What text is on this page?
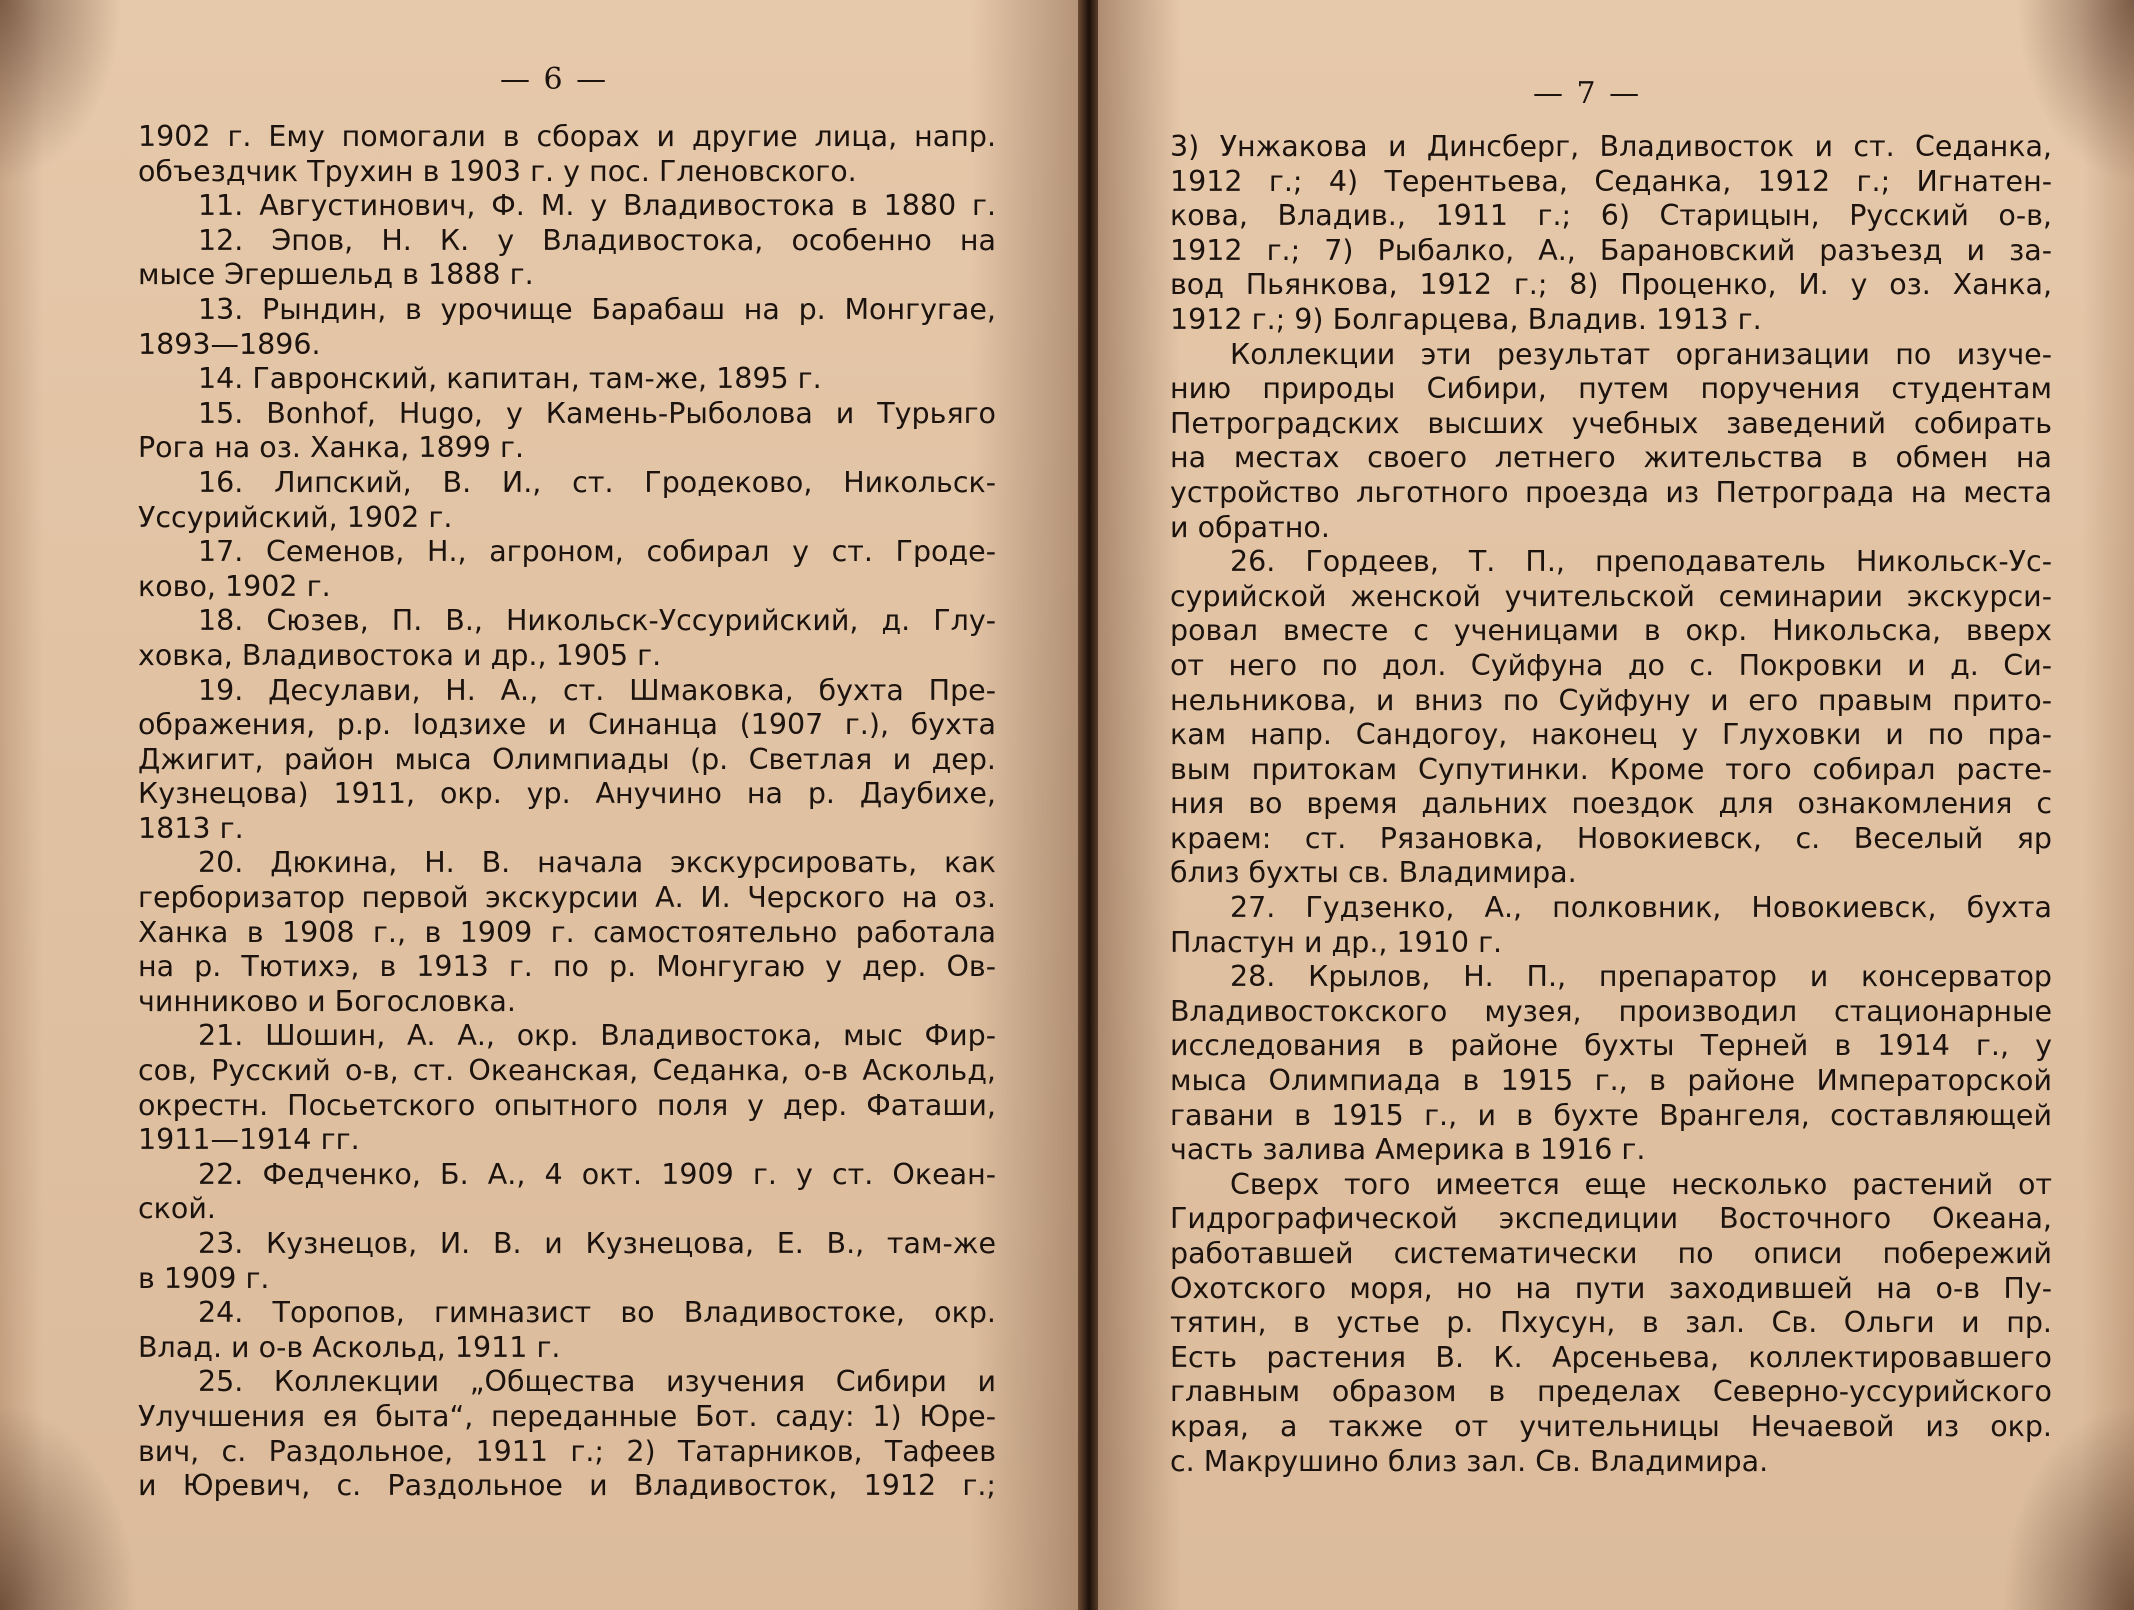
— 6 —
1902 г. Ему помогали в сборах и другие лица, напр.
объездчик Трухин в 1903 г. у пос. Гленовского.
11. Августинович, Ф. М. у Владивостока в 1880 г.
12. Эпов, Н. К. у Владивостока, особенно на
мысе Эгершельд в 1888 г.
13. Рындин, в урочище Барабаш на р. Монгугае,
1893—1896.
14. Гавронский, капитан, там-же, 1895 г.
15. Bonhof, Hugo, у Камень-Рыболова и Турьяго
Рога на оз. Ханка, 1899 г.
16. Липский, В. И., ст. Гродеково, Никольск-
Уссурийский, 1902 г.
17. Семенов, Н., агроном, собирал у ст. Гроде-
ково, 1902 г.
18. Сюзев, П. В., Никольск-Уссурийский, д. Глу-
ховка, Владивостока и др., 1905 г.
19. Десулави, Н. А., ст. Шмаковка, бухта Пре-
ображения, р.р. Іодзихе и Синанца (1907 г.), бухта
Джигит, район мыса Олимпиады (р. Светлая и дер.
Кузнецова) 1911, окр. ур. Анучино на р. Даубихе,
1813 г.
20. Дюкина, Н. В. начала экскурсировать, как
герборизатор первой экскурсии А. И. Черского на оз.
Ханка в 1908 г., в 1909 г. самостоятельно работала
на р. Тютихэ, в 1913 г. по р. Монгугаю у дер. Ов-
чинниково и Богословка.
21. Шошин, А. А., окр. Владивостока, мыс Фир-
сов, Русский о-в, ст. Океанская, Седанка, о-в Аскольд,
окрестн. Посьетского опытного поля у дер. Фаташи,
1911—1914 гг.
22. Федченко, Б. А., 4 окт. 1909 г. у ст. Океан-
ской.
23. Кузнецов, И. В. и Кузнецова, Е. В., там-же
в 1909 г.
24. Торопов, гимназист во Владивостоке, окр.
Влад. и о-в Аскольд, 1911 г.
25. Коллекции „Общества изучения Сибири и
Улучшения ея быта“, переданные Бот. саду: 1) Юре-
вич, с. Раздольное, 1911 г.; 2) Татарников, Тафеев
и Юревич, с. Раздольное и Владивосток, 1912 г.;
— 7 —
3) Унжакова и Динсберг, Владивосток и ст. Седанка,
1912 г.; 4) Терентьева, Седанка, 1912 г.; Игнатен-
кова, Владив., 1911 г.; 6) Старицын, Русский о-в,
1912 г.; 7) Рыбалко, А., Барановский разъезд и за-
вод Пьянкова, 1912 г.; 8) Проценко, И. у оз. Ханка,
1912 г.; 9) Болгарцева, Владив. 1913 г.
Коллекции эти результат организации по изуче-
нию природы Сибири, путем поручения студентам
Петроградских высших учебных заведений собирать
на местах своего летнего жительства в обмен на
устройство льготного проезда из Петрограда на места
и обратно.
26. Гордеев, Т. П., преподаватель Никольск-Ус-
сурийской женской учительской семинарии экскурси-
ровал вместе с ученицами в окр. Никольска, вверх
от него по дол. Суйфуна до с. Покровки и д. Си-
нельникова, и вниз по Суйфуну и его правым прито-
кам напр. Сандогоу, наконец у Глуховки и по пра-
вым притокам Супутинки. Кроме того собирал расте-
ния во время дальних поездок для ознакомления с
краем: ст. Рязановка, Новокиевск, с. Веселый яр
близ бухты св. Владимира.
27. Гудзенко, А., полковник, Новокиевск, бухта
Пластун и др., 1910 г.
28. Крылов, Н. П., препаратор и консерватор
Владивостокского музея, производил стационарные
исследования в районе бухты Терней в 1914 г., у
мыса Олимпиада в 1915 г., в районе Императорской
гавани в 1915 г., и в бухте Врангеля, составляющей
часть залива Америка в 1916 г.
Сверх того имеется еще несколько растений от
Гидрографической экспедиции Восточного Океана,
работавшей систематически по описи побережий
Охотского моря, но на пути заходившей на о-в Пу-
тятин, в устье р. Пхусун, в зал. Св. Ольги и пр.
Есть растения В. К. Арсеньева, коллектировавшего
главным образом в пределах Северно-уссурийского
края, а также от учительницы Нечаевой из окр.
с. Макрушино близ зал. Св. Владимира.
